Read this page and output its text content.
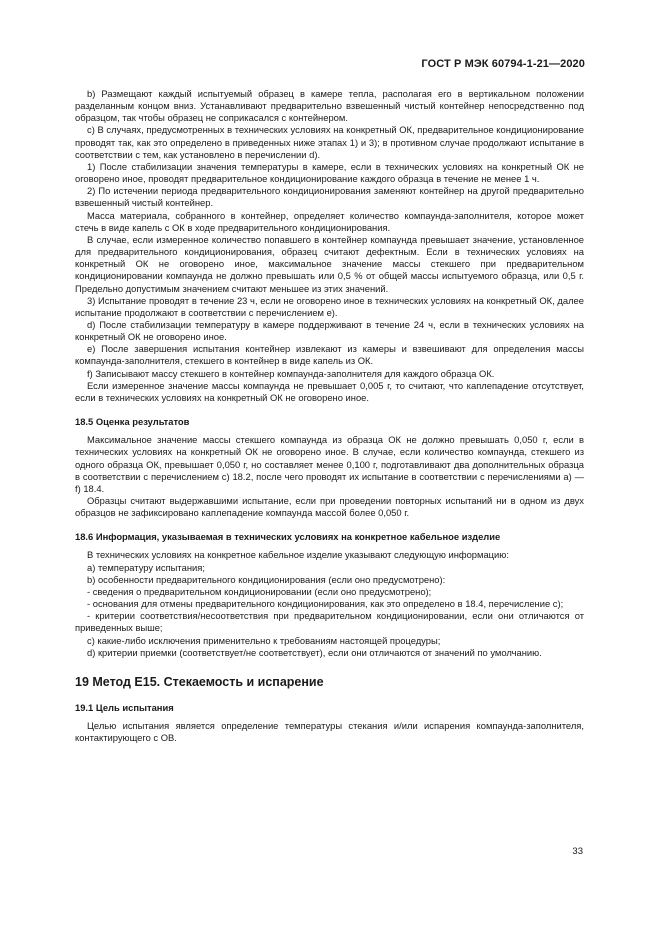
ГОСТ Р МЭК 60794-1-21—2020

b) Размещают каждый испытуемый образец в камере тепла, располагая его в вертикальном положении разделанным концом вниз. Устанавливают предварительно взвешенный чистый контейнер непосредственно под образцом, так чтобы образец не соприкасался с контейнером.

c) В случаях, предусмотренных в технических условиях на конкретный ОК, предварительное кондиционирование проводят так, как это определено в приведенных ниже этапах 1) и 3); в противном случае продолжают испытание в соответствии с тем, как установлено в перечислении d).

1) После стабилизации значения температуры в камере, если в технических условиях на конкретный ОК не оговорено иное, проводят предварительное кондиционирование каждого образца в течение не менее 1 ч.

2) По истечении периода предварительного кондиционирования заменяют контейнер на другой предварительно взвешенный чистый контейнер.

Масса материала, собранного в контейнер, определяет количество компаунда-заполнителя, которое может стечь в виде капель с ОК в ходе предварительного кондиционирования.

В случае, если измеренное количество попавшего в контейнер компаунда превышает значение, установленное для предварительного кондиционирования, образец считают дефектным. Если в технических условиях на конкретный ОК не оговорено иное, максимальное значение массы стекшего при предварительном кондиционировании компаунда не должно превышать или 0,5 % от общей массы испытуемого образца, или 0,5 г. Предельно допустимым значением считают меньшее из этих значений.

3) Испытание проводят в течение 23 ч, если не оговорено иное в технических условиях на конкретный ОК, далее испытание продолжают в соответствии с перечислением е).

d) После стабилизации температуру в камере поддерживают в течение 24 ч, если в технических условиях на конкретный ОК не оговорено иное.

е) После завершения испытания контейнер извлекают из камеры и взвешивают для определения массы компаунда-заполнителя, стекшего в контейнер в виде капель из ОК.

f) Записывают массу стекшего в контейнер компаунда-заполнителя для каждого образца ОК.

Если измеренное значение массы компаунда не превышает 0,005 г, то считают, что каплепадение отсутствует, если в технических условиях на конкретный ОК не оговорено иное.

18.5 Оценка результатов

Максимальное значение массы стекшего компаунда из образца ОК не должно превышать 0,050 г, если в технических условиях на конкретный ОК не оговорено иное. В случае, если количество компаунда, стекшего из одного образца ОК, превышает 0,050 г, но составляет менее 0,100 г, подготавливают два дополнительных образца в соответствии с перечислением с) 18.2, после чего проводят их испытание в соответствии с перечислениями а) — f) 18.4.

Образцы считают выдержавшими испытание, если при проведении повторных испытаний ни в одном из двух образцов не зафиксировано каплепадение компаунда массой более 0,050 г.

18.6 Информация, указываемая в технических условиях на конкретное кабельное изделие

В технических условиях на конкретное кабельное изделие указывают следующую информацию:

а) температуру испытания;

b) особенности предварительного кондиционирования (если оно предусмотрено):

- сведения о предварительном кондиционировании (если оно предусмотрено);

- основания для отмены предварительного кондиционирования, как это определено в 18.4, перечисление с);

- критерии соответствия/несоответствия при предварительном кондиционировании, если они отличаются от приведенных выше;

с) какие-либо исключения применительно к требованиям настоящей процедуры;

d) критерии приемки (соответствует/не соответствует), если они отличаются от значений по умолчанию.

19 Метод E15. Стекаемость и испарение

19.1 Цель испытания

Целью испытания является определение температуры стекания и/или испарения компаунда-заполнителя, контактирующего с ОВ.

33
